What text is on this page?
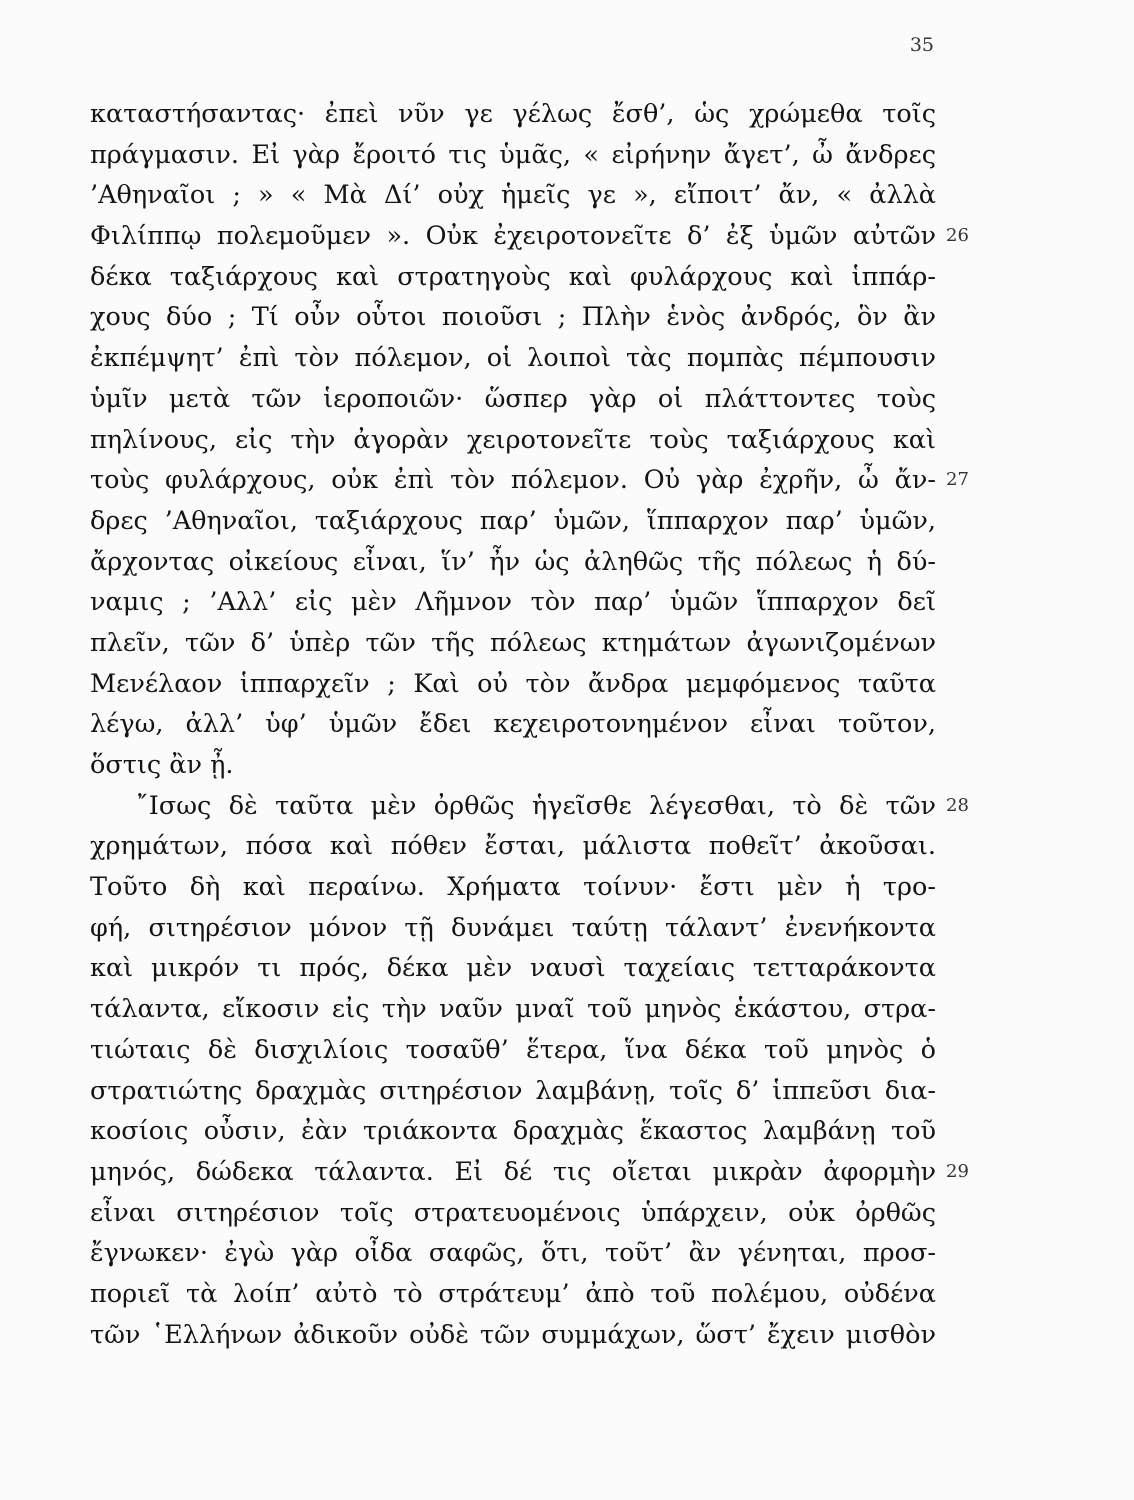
35
καταστήσαντας· ἐπεὶ νῦν γε γέλως ἔσθ’, ὡς χρώμεθα τοῖς
πράγμασιν. Εἰ γὰρ ἔροιτό τις ὑμᾶς, « εἰρήνην ἄγετ’, ὦ ἄνδρες
’Αθηναῖοι ; » « Μὰ Δί’ οὐχ ἡμεῖς γε », εἴποιτ’ ἄν, « ἀλλὰ
Φιλίππῳ πολεμοῦμεν ». Οὐκ ἐχειροτονεῖτε δ’ ἐξ ὑμῶν αὐτῶν
δέκα ταξιάρχους καὶ στρατηγοὺς καὶ φυλάρχους καὶ ἱππάρ-
χους δύο ; Τί οὖν οὗτοι ποιοῦσι ; Πλὴν ἑνὸς ἀνδρός, ὃν ἂν
ἐκπέμψητ’ ἐπὶ τὸν πόλεμον, οἱ λοιποὶ τὰς πομπὰς πέμπουσιν
ὑμῖν μετὰ τῶν ἱεροποιῶν· ὥσπερ γὰρ οἱ πλάττοντες τοὺς
πηλίνους, εἰς τὴν ἀγορὰν χειροτονεῖτε τοὺς ταξιάρχους καὶ
τοὺς φυλάρχους, οὐκ ἐπὶ τὸν πόλεμον. Οὐ γὰρ ἐχρῆν, ὦ ἄν-
δρες ’Αθηναῖοι, ταξιάρχους παρ’ ὑμῶν, ἵππαρχον παρ’ ὑμῶν,
ἄρχοντας οἰκείους εἶναι, ἵν’ ἦν ὡς ἀληθῶς τῆς πόλεως ἡ δύ-
ναμις ; ’Αλλ’ εἰς μὲν Λῆμνον τὸν παρ’ ὑμῶν ἵππαρχον δεῖ
πλεῖν, τῶν δ’ ὑπὲρ τῶν τῆς πόλεως κτημάτων ἀγωνιζομένων
Μενέλαον ἱππαρχεῖν ; Καὶ οὐ τὸν ἄνδρα μεμφόμενος ταῦτα
λέγω, ἀλλ’ ὑφ’ ὑμῶν ἔδει κεχειροτονημένον εἶναι τοῦτον,
ὅστις ἂν ᾖ.
῎Ισως δὲ ταῦτα μὲν ὀρθῶς ἡγεῖσθε λέγεσθαι, τὸ δὲ τῶν
χρημάτων, πόσα καὶ πόθεν ἔσται, μάλιστα ποθεῖτ’ ἀκοῦσαι.
Τοῦτο δὴ καὶ περαίνω. Χρήματα τοίνυν· ἔστι μὲν ἡ τρο-
φή, σιτηρέσιον μόνον τῇ δυνάμει ταύτῃ τάλαντ’ ἐνενήκοντα
καὶ μικρόν τι πρός, δέκα μὲν ναυσὶ ταχείαις τετταράκοντα
τάλαντα, εἴκοσιν εἰς τὴν ναῦν μναῖ τοῦ μηνὸς ἑκάστου, στρα-
τιώταις δὲ δισχιλίοις τοσαῦθ’ ἕτερα, ἵνα δέκα τοῦ μηνὸς ὁ
στρατιώτης δραχμὰς σιτηρέσιον λαμβάνῃ, τοῖς δ’ ἱππεῦσι δια-
κοσίοις οὖσιν, ἐὰν τριάκοντα δραχμὰς ἕκαστος λαμβάνῃ τοῦ
μηνός, δώδεκα τάλαντα. Εἰ δέ τις οἴεται μικρὰν ἀφορμὴν
εἶναι σιτηρέσιον τοῖς στρατευομένοις ὑπάρχειν, οὐκ ὀρθῶς
ἔγνωκεν· ἐγὼ γὰρ οἶδα σαφῶς, ὅτι, τοῦτ’ ἂν γένηται, προσ-
ποριεῖ τὰ λοίπ’ αὐτὸ τὸ στράτευμ’ ἀπὸ τοῦ πολέμου, οὐδένα
τῶν ῾Ελλήνων ἀδικοῦν οὐδὲ τῶν συμμάχων, ὥστ’ ἔχειν μισθὸν
26
27
28
29
